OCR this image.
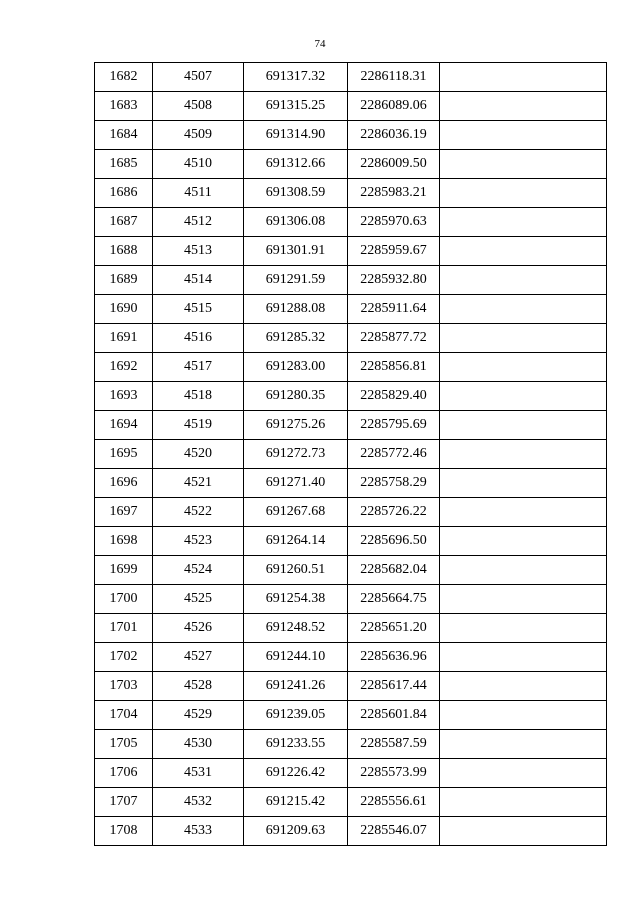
74
1682	4507	691317.32	2286118.31	
1683	4508	691315.25	2286089.06	
1684	4509	691314.90	2286036.19	
1685	4510	691312.66	2286009.50	
1686	4511	691308.59	2285983.21	
1687	4512	691306.08	2285970.63	
1688	4513	691301.91	2285959.67	
1689	4514	691291.59	2285932.80	
1690	4515	691288.08	2285911.64	
1691	4516	691285.32	2285877.72	
1692	4517	691283.00	2285856.81	
1693	4518	691280.35	2285829.40	
1694	4519	691275.26	2285795.69	
1695	4520	691272.73	2285772.46	
1696	4521	691271.40	2285758.29	
1697	4522	691267.68	2285726.22	
1698	4523	691264.14	2285696.50	
1699	4524	691260.51	2285682.04	
1700	4525	691254.38	2285664.75	
1701	4526	691248.52	2285651.20	
1702	4527	691244.10	2285636.96	
1703	4528	691241.26	2285617.44	
1704	4529	691239.05	2285601.84	
1705	4530	691233.55	2285587.59	
1706	4531	691226.42	2285573.99	
1707	4532	691215.42	2285556.61	
1708	4533	691209.63	2285546.07	
